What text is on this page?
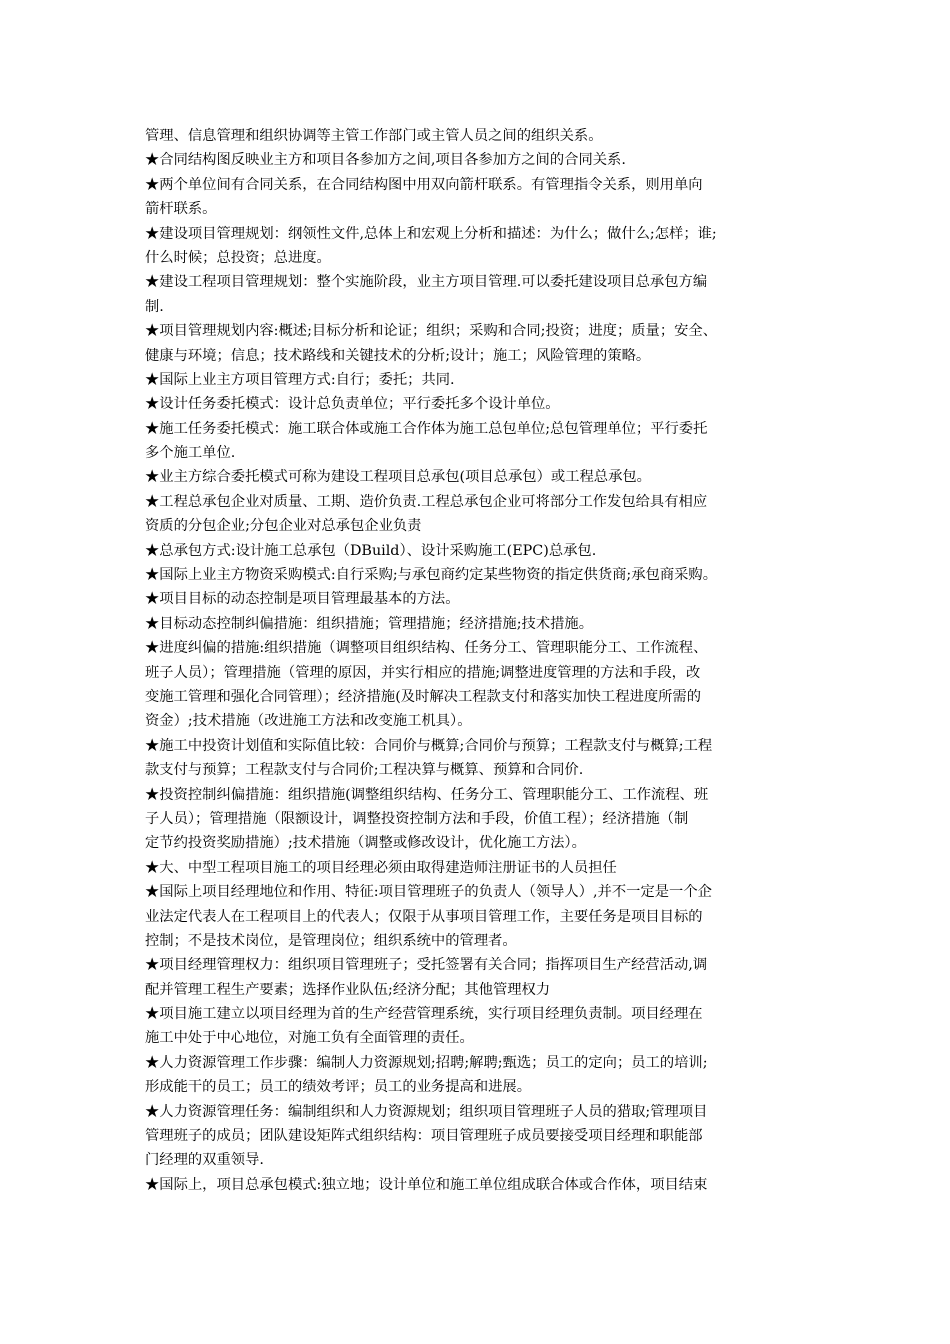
管理、信息管理和组织协调等主管工作部门或主管人员之间的组织关系。
★合同结构图反映业主方和项目各参加方之间,项目各参加方之间的合同关系.
★两个单位间有合同关系，在合同结构图中用双向箭杆联系。有管理指令关系，则用单向
箭杆联系。
★建设项目管理规划：纲领性文件,总体上和宏观上分析和描述：为什么；做什么;怎样；谁;
什么时候；总投资；总进度。
★建设工程项目管理规划：整个实施阶段，业主方项目管理.可以委托建设项目总承包方编
制.
★项目管理规划内容:概述;目标分析和论证；组织；采购和合同;投资；进度；质量；安全、
健康与环境；信息；技术路线和关键技术的分析;设计；施工；风险管理的策略。
★国际上业主方项目管理方式:自行；委托；共同.
★设计任务委托模式：设计总负责单位；平行委托多个设计单位。
★施工任务委托模式：施工联合体或施工合作体为施工总包单位;总包管理单位；平行委托
多个施工单位.
★业主方综合委托模式可称为建设工程项目总承包(项目总承包）或工程总承包。
★工程总承包企业对质量、工期、造价负责.工程总承包企业可将部分工作发包给具有相应
资质的分包企业;分包企业对总承包企业负责
★总承包方式:设计施工总承包（DBuild）、设计采购施工(EPC)总承包.
★国际上业主方物资采购模式:自行采购;与承包商约定某些物资的指定供货商;承包商采购。
★项目目标的动态控制是项目管理最基本的方法。
★目标动态控制纠偏措施：组织措施；管理措施；经济措施;技术措施。
★进度纠偏的措施:组织措施（调整项目组织结构、任务分工、管理职能分工、工作流程、
班子人员）；管理措施（管理的原因，并实行相应的措施;调整进度管理的方法和手段，改
变施工管理和强化合同管理）；经济措施(及时解决工程款支付和落实加快工程进度所需的
资金）;技术措施（改进施工方法和改变施工机具）。
★施工中投资计划值和实际值比较：合同价与概算;合同价与预算；工程款支付与概算;工程
款支付与预算；工程款支付与合同价;工程决算与概算、预算和合同价.
★投资控制纠偏措施：组织措施(调整组织结构、任务分工、管理职能分工、工作流程、班
子人员）；管理措施（限额设计，调整投资控制方法和手段，价值工程）；经济措施（制
定节约投资奖励措施）;技术措施（调整或修改设计，优化施工方法）。
★大、中型工程项目施工的项目经理必须由取得建造师注册证书的人员担任
★国际上项目经理地位和作用、特征:项目管理班子的负责人（领导人）,并不一定是一个企
业法定代表人在工程项目上的代表人；仅限于从事项目管理工作，主要任务是项目目标的
控制；不是技术岗位，是管理岗位；组织系统中的管理者。
★项目经理管理权力：组织项目管理班子；受托签署有关合同；指挥项目生产经营活动,调
配并管理工程生产要素；选择作业队伍;经济分配；其他管理权力
★项目施工建立以项目经理为首的生产经营管理系统，实行项目经理负责制。项目经理在
施工中处于中心地位，对施工负有全面管理的责任。
★人力资源管理工作步骤：编制人力资源规划;招聘;解聘;甄选；员工的定向；员工的培训;
形成能干的员工；员工的绩效考评；员工的业务提高和进展。
★人力资源管理任务：编制组织和人力资源规划；组织项目管理班子人员的猎取;管理项目
管理班子的成员；团队建设矩阵式组织结构：项目管理班子成员要接受项目经理和职能部
门经理的双重领导.
★国际上，项目总承包模式:独立地；设计单位和施工单位组成联合体或合作体，项目结束
